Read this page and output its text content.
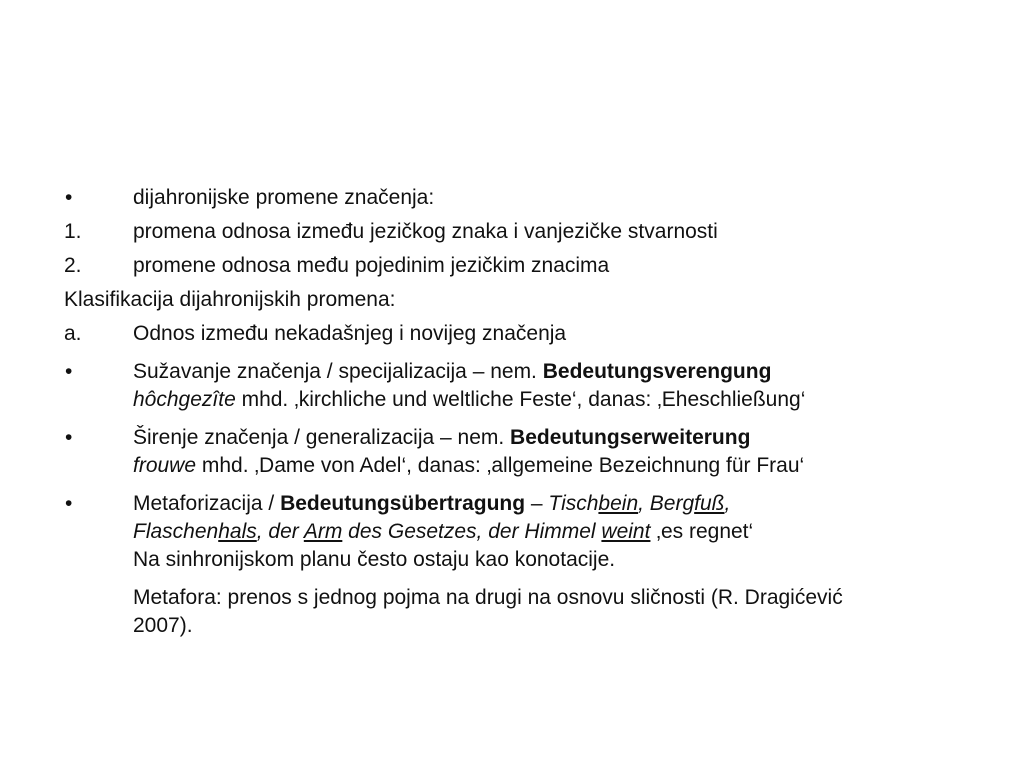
•	dijahronijske promene značenja:
1. promena odnosa između jezičkog znaka i vanjezičke stvarnosti
2. promene odnosa među pojedinim jezičkim znacima
Klasifikacija dijahronijskih promena:
a. Odnos između nekadašnjeg i novijeg značenja
•	Sužavanje značenja / specijalizacija – nem. Bedeutungsverengung
hôchgezîte mhd. ‚kirchliche und weltliche Feste‘, danas: ‚Eheschließung‘
•	Širenje značenja / generalizacija – nem. Bedeutungserweiterung
frouwe mhd. ‚Dame von Adel‘, danas: ‚allgemeine Bezeichnung für Frau‘
•	Metaforizacija / Bedeutungsübertragung – Tischbein, Bergfuß,
Flaschenhals, der Arm des Gesetzes, der Himmel weint ‚es regnet‘
Na sinhronijskom planu često ostaju kao konotacije.
Metafora: prenos s jednog pojma na drugi na osnovu sličnosti (R. Dragićević
2007).
